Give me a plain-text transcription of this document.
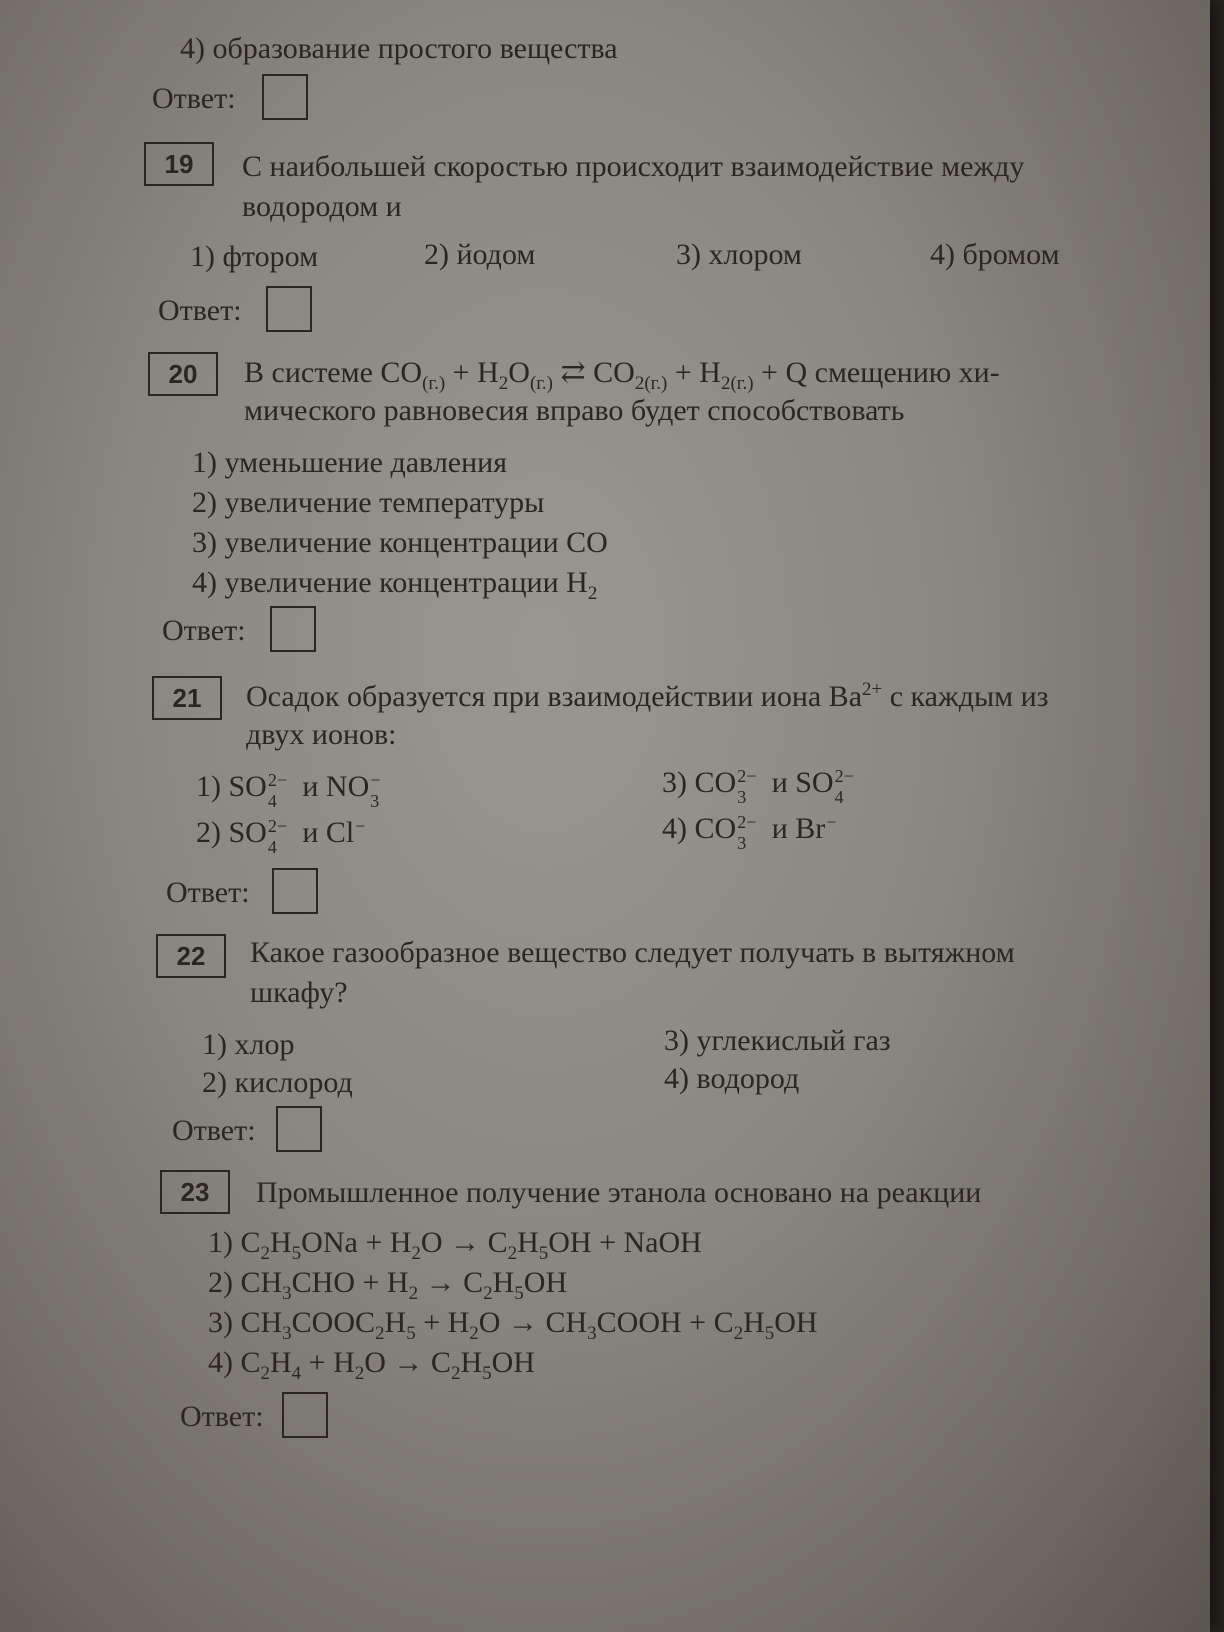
4) образование простого вещества
Ответ:
19	С наибольшей скоростью происходит взаимодействие между
водородом и
1) фтором	2) йодом	3) хлором	4) бромом
Ответ:
20	В системе $CO_{(г.)} + H_2O_{(г.)}$ ⇄ $CO_{2(г.)} + H_{2(г.)} + Q$ смещению хи-
мического равновесия вправо будет способствовать
1) уменьшение давления
2) увеличение температуры
3) увеличение концентрации CO
4) увеличение концентрации $H_2$
Ответ:
21	Осадок образуется при взаимодействии иона $Ba^{2+}$ с каждым из
двух ионов:
1) SO 2−
4 и NO −
3
2) SO 2−
4 и Cl −
3) CO 2−
3 и SO 2−
4
4) CO 2−
3 и Br −
Ответ:
22	Какое газообразное вещество следует получать в вытяжном
шкафу?
1) хлор
2) кислород
3) углекислый газ
4) водород
Ответ:
23	Промышленное получение этанола основано на реакции
1) $C_2H_5ONa + H_2O \to C_2H_5OH$ + NaOH
2) $CH_3CHO + H_2 \to C_2H_5OH$
3) $CH_3COOC_2H_5 + H_2O$ → $CH_3COOH + C_2H_5OH$
4) $C_2H_4 + H_2O \to C_2H_5OH$
Ответ:
